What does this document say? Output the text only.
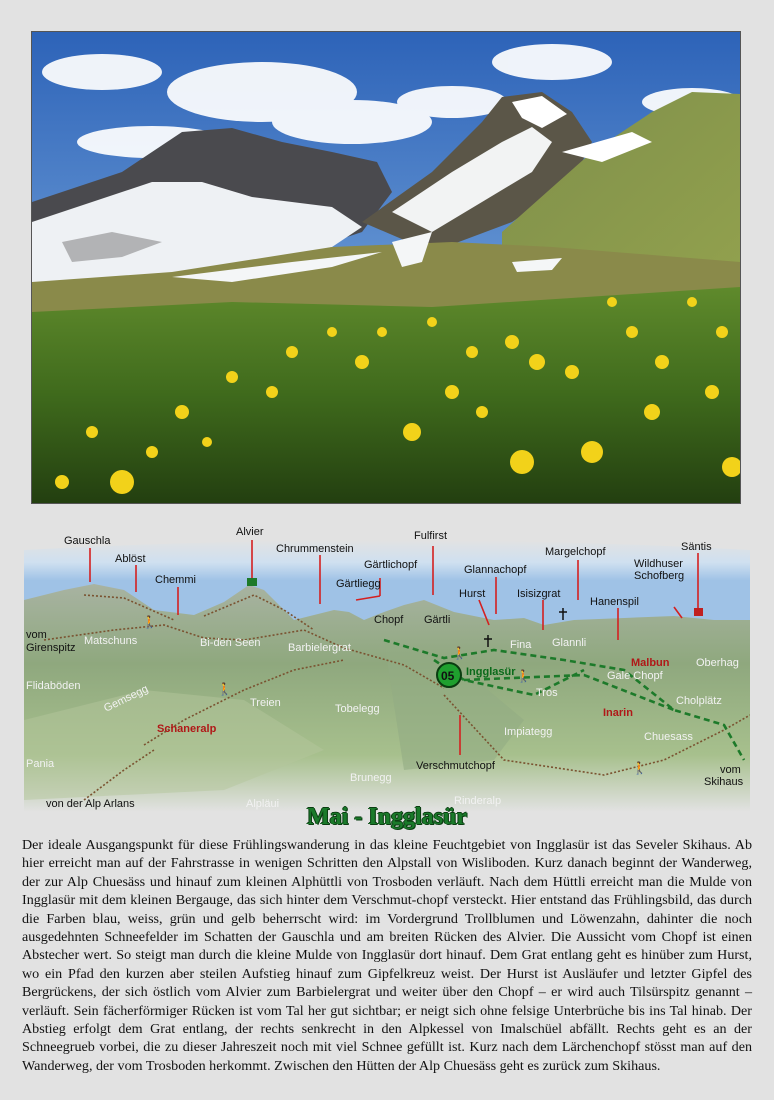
🚶
🚶
🚶
🚶
🚶
05
Gauschla
Ablöst
Chemmi
Alvier
Chrummenstein
Gärtlichopf
Fulfirst
Gärtliegg
Chopf Gärtli
Glannachopf
Hurst
Margelchopf
Isisizgrat
Wildhuser
Schofberg
Säntis
Hanenspil
vom
Girenspitz
Matschuns	Bi-den Seen Barbielergrat	Fina Glannli
Malbun Oberhag
Flidaböden
Ingglasür
Tros
Gale Chopf
Gemsegg	Cholplätz
Inarin
Treien	Tobelegg
Schaneralp	Impiategg	Chuesass
Pania	Verschmutchopf
Brunegg
vom
Skihaus
von der Alp Arlans	Alpläui	Rinderalp
Mai - Ingglasür

Der ideale Ausgangspunkt für diese Frühlingswanderung in das kleine Feuchtgebiet von Ingglasür ist das Seveler Skihaus. Ab hier erreicht man auf der Fahrstrasse in wenigen Schritten den Alpstall von Wisliboden. Kurz danach beginnt der Wanderweg, der zur Alp Chuesäss und hinauf zum kleinen Alphüttli von Trosboden verläuft. Nach dem Hüttli erreicht man die Mulde von Ingglasür mit dem kleinen Bergauge, das sich hinter dem Verschmut-chopf versteckt. Hier entstand das Frühlingsbild, das durch die Farben blau, weiss, grün und gelb beherrscht wird: im Vordergrund Trollblumen und Löwenzahn, dahinter die noch ausgedehnten Schneefelder im Schatten der Gauschla und am breiten Rücken des Alvier. Die Aussicht vom Chopf ist einen Abstecher wert. So steigt man durch die kleine Mulde von Ingglasür dort hinauf. Dem Grat entlang geht es hinüber zum Hurst, wo ein Pfad den kurzen aber steilen Aufstieg hinauf zum Gipfelkreuz weist. Der Hurst ist Ausläufer und letzter Gipfel des Bergrückens, der sich östlich vom Alvier zum Barbielergrat und weiter über den Chopf – er wird auch Tilsürspitz genannt – verläuft. Sein fächerförmiger Rücken ist vom Tal her gut sichtbar; er neigt sich ohne felsige Unterbrüche bis ins Tal hinab. Der Abstieg erfolgt dem Grat entlang, der rechts senkrecht in den Alpkessel von Imalschüel abfällt. Rechts geht es an der Schneegrueb vorbei, die zu dieser Jahreszeit noch mit viel Schnee gefüllt ist. Kurz nach dem Lärchenchopf stösst man auf den Wanderweg, der vom Trosboden herkommt. Zwischen den Hütten der Alp Chuesäss geht es zurück zum Skihaus.
